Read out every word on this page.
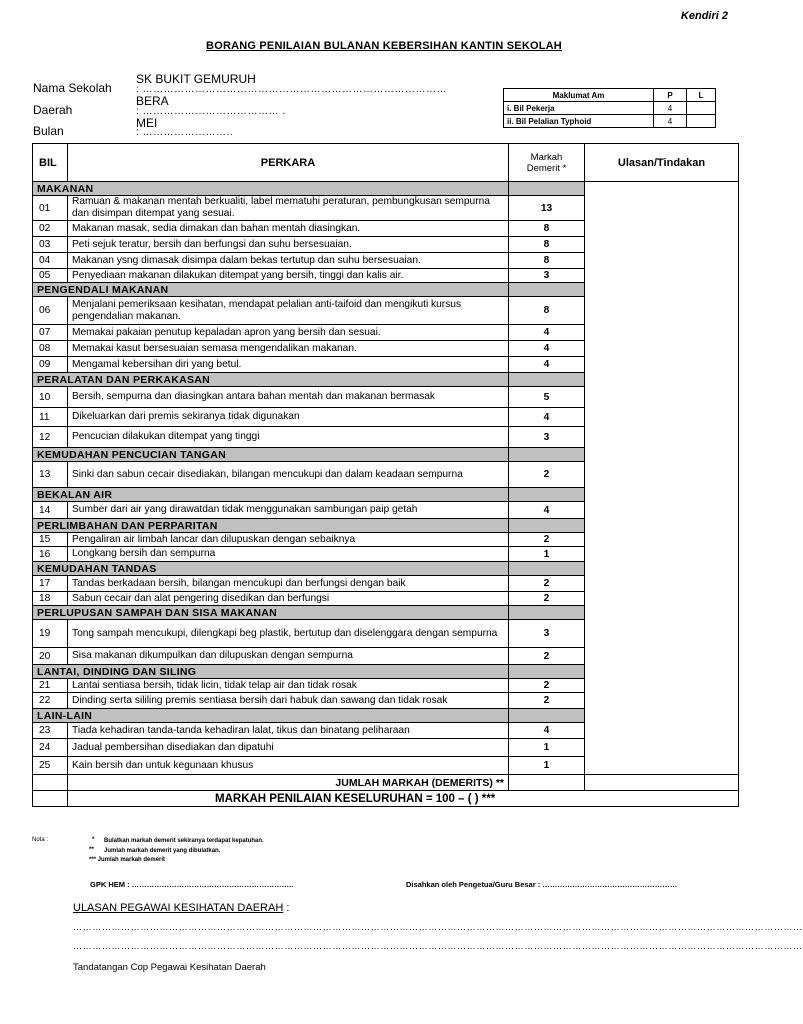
Kendiri 2
BORANG PENILAIAN BULANAN KEBERSIHAN KANTIN SEKOLAH
SK BUKIT GEMURUH
Nama Sekolah : ……………………………………………………………………………
BERA
Daerah	: ………………………………… .
MEI
Bulan	: ……………………..
Maklumat Am	P	L
i. Bil Pekerja	4	
ii. Bil Pelalian Typhoid	4	
BIL	PERKARA	Markah Demerit *	Ulasan/Tindakan
MAKANAN			
01	Ramuan & makanan mentah berkualiti, label mematuhi peraturan, pembungkusan sempurna dan disimpan ditempat yang sesuai.	13	
02	Makanan masak, sedia dimakan dan bahan mentah diasingkan.	8	
03	Peti sejuk teratur, bersih dan berfungsi dan suhu bersesuaian.	8	
04	Makanan ysng dimasak disimpa dalam bekas tertutup dan suhu bersesuaian.	8	
05	Penyediaan makanan dilakukan ditempat yang bersih, tinggi dan kalis air.	3	
PENGENDALI MAKANAN			
06	Menjalani pemeriksaan kesihatan, mendapat pelalian anti-taifoid dan mengikuti kursus pengendalian makanan.	8	
07	Memakai pakaian penutup kepaladan apron yang bersih dan sesuai.	4	
08	Memakai kasut bersesuaian semasa mengendalikan makanan.	4	
09	Mengamal kebersihan diri yang betul.	4	
PERALATAN DAN PERKAKASAN			
10	Bersih, sempurna dan diasingkan antara bahan mentah dan makanan bermasak	5	
11	Dikeluarkan dari premis sekiranya tidak digunakan	4	
12	Pencucian dilakukan ditempat yang tinggi	3	
KEMUDAHAN PENCUCIAN TANGAN			
13	Sinki dan sabun cecair disediakan, bilangan mencukupi dan dalam keadaan sempurna	2	
BEKALAN AIR			
14	Sumber dari air yang dirawatdan tidak menggunakan sambungan paip getah	4	
PERLIMBAHAN DAN PERPARITAN			
15	Pengaliran air limbah lancar dan dilupuskan dengan sebaiknya	2	
16	Longkang bersih dan sempurna	1	
KEMUDAHAN TANDAS			
17	Tandas berkadaan bersih, bilangan mencukupi dan berfungsi dengan baik	2	
18	Sabun cecair dan alat pengering disedikan dan berfungsi	2	
PERLUPUSAN SAMPAH DAN SISA MAKANAN			
19	Tong sampah mencukupi, dilengkapi beg plastik, bertutup dan diselenggara dengan sempurna	3	
20	Sisa makanan dikumpulkan dan dilupuskan dengan sempurna	2	
LANTAI, DINDING DAN SILING			
21	Lantai sentiasa bersih, tidak licin, tidak telap air dan tidak rosak	2	
22	Dinding serta sililing premis sentiasa bersih dari habuk dan sawang dan tidak rosak	2	
LAIN-LAIN			
23	Tiada kehadiran tanda-tanda kehadiran lalat, tikus dan binatang peliharaan	4	
24	Jadual pembersihan disediakan dan dipatuhi	1	
25	Kain bersih dan untuk kegunaan khusus	1	
	JUMLAH MARKAH (DEMERITS) **		
	MARKAH PENILAIAN KESELURUHAN = 100 – ( ) ***		
Nota :	* Bulatkan markah demerit sekiranya terdapat kepatuhan.
** Jumlah markah demerit yang dibulatkan.
*** Jumlah markah demerit
GPK HEM : ………………………………………………………..	Disahkan oleh Pengetua/Guru Besar : ………………………………………………
ULASAN PEGAWAI KESIHATAN DAERAH :
…………………………………………………………………………………………………………………………………………………………………………………………………………
…………………………………………………………………………………………………………………………………………………………………………………………………………
Tandatangan Cop Pegawai Kesihatan Daerah
